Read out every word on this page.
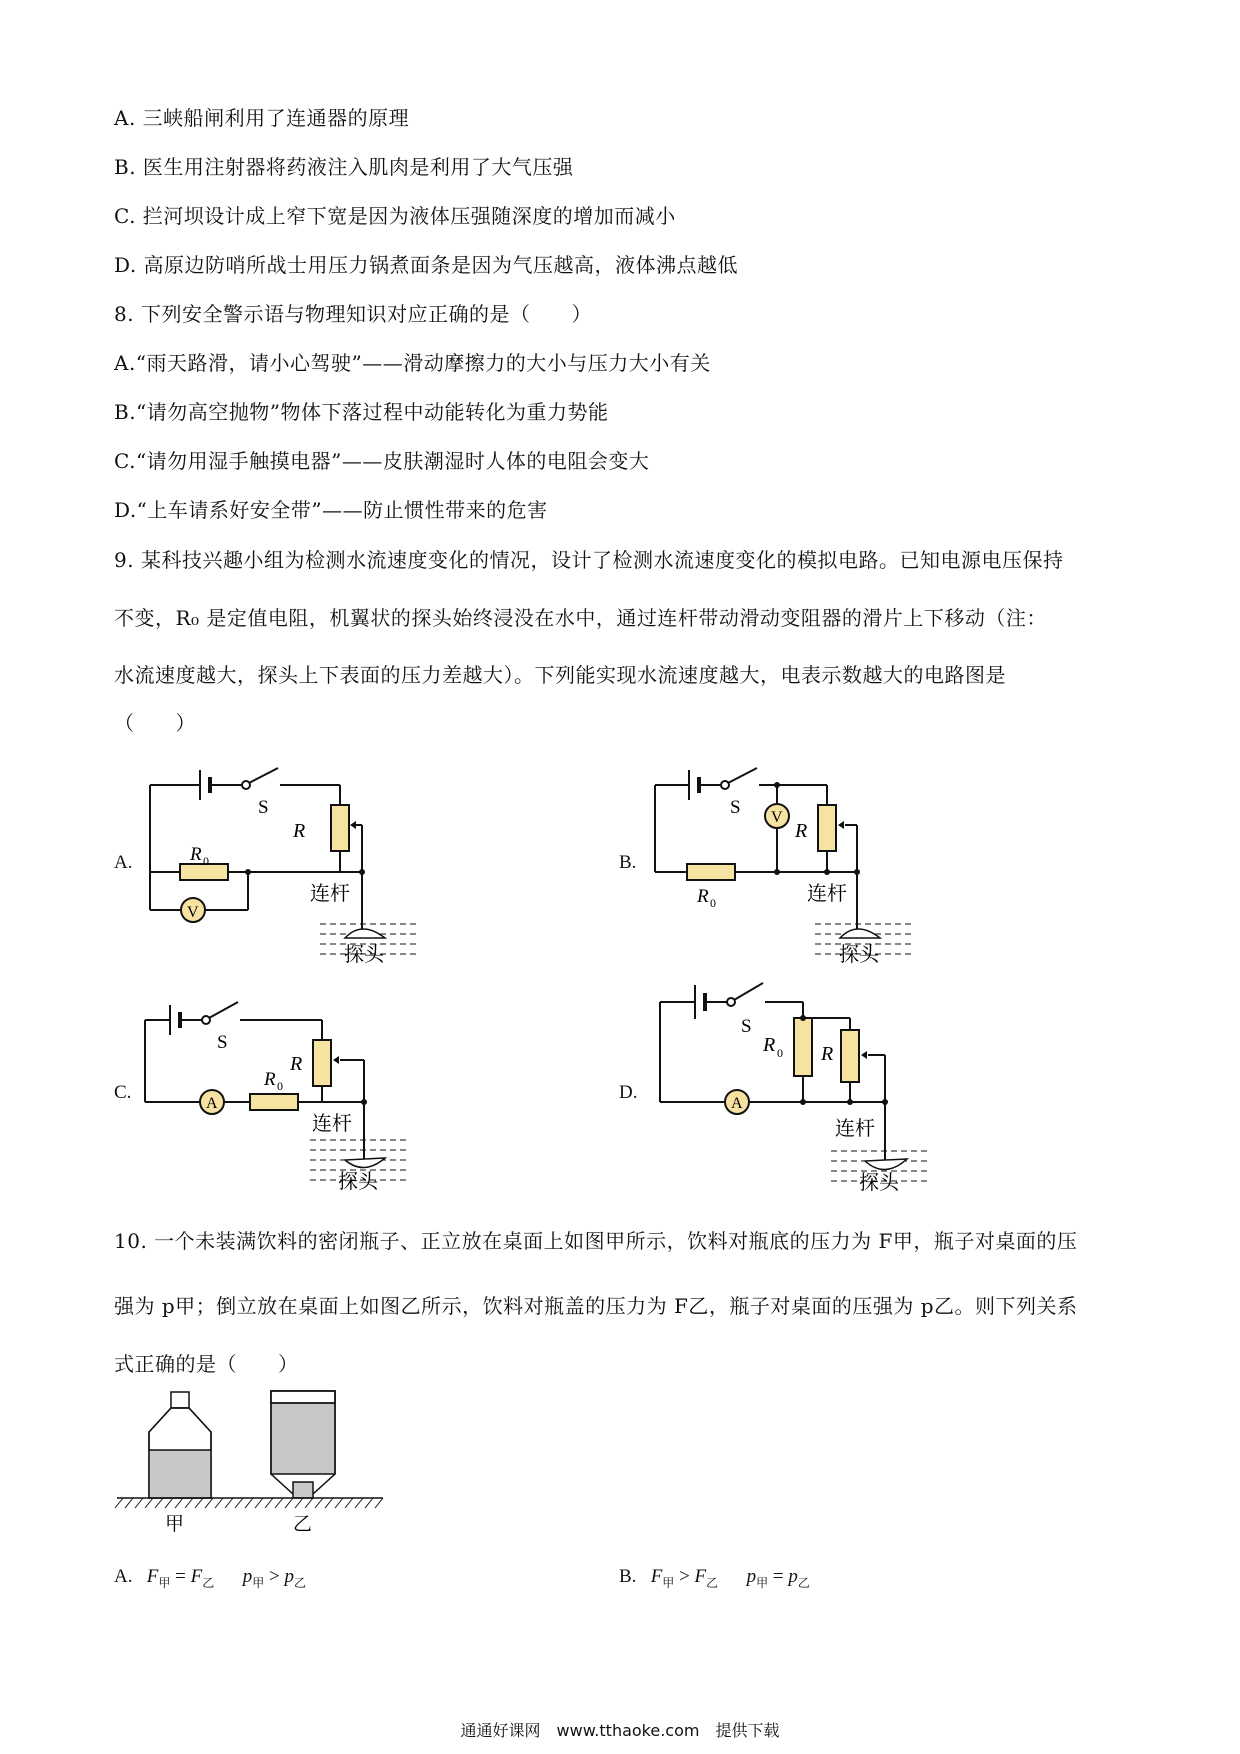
A. 三峡船闸利用了连通器的原理
B. 医生用注射器将药液注入肌肉是利用了大气压强
C. 拦河坝设计成上窄下宽是因为液体压强随深度的增加而减小
D. 高原边防哨所战士用压力锅煮面条是因为气压越高，液体沸点越低
8. 下列安全警示语与物理知识对应正确的是（　　）
A.“雨天路滑，请小心驾驶”——滑动摩擦力的大小与压力大小有关
B.“请勿高空抛物”物体下落过程中动能转化为重力势能
C.“请勿用湿手触摸电器”——皮肤潮湿时人体的电阻会变大
D.“上车请系好安全带”——防止惯性带来的危害
9. 某科技兴趣小组为检测水流速度变化的情况，设计了检测水流速度变化的模拟电路。已知电源电压保持
不变，R₀ 是定值电阻，机翼状的探头始终浸没在水中，通过连杆带动滑动变阻器的滑片上下移动（注：
水流速度越大，探头上下表面的压力差越大）。下列能实现水流速度越大，电表示数越大的电路图是
（　　）
A.	B.
C.	D.
S
R
R 0
V
连杆
探头
S V
R
R 0	连杆
探头
S
R
R 0
A
连杆
探头
S
R 0 R
A
连杆
探头
10. 一个未装满饮料的密闭瓶子、正立放在桌面上如图甲所示，饮料对瓶底的压力为 F甲，瓶子对桌面的压
强为 p甲；倒立放在桌面上如图乙所示，饮料对瓶盖的压力为 F乙，瓶子对桌面的压强为 p乙。则下列关系
式正确的是（　　）
甲	乙
A. $F_甲 = F_乙$ $p_甲 > p_乙$	B. $F_甲 > F_乙$ $p_甲 = p_乙$
通通好课网　www.tthaoke.com　提供下载
